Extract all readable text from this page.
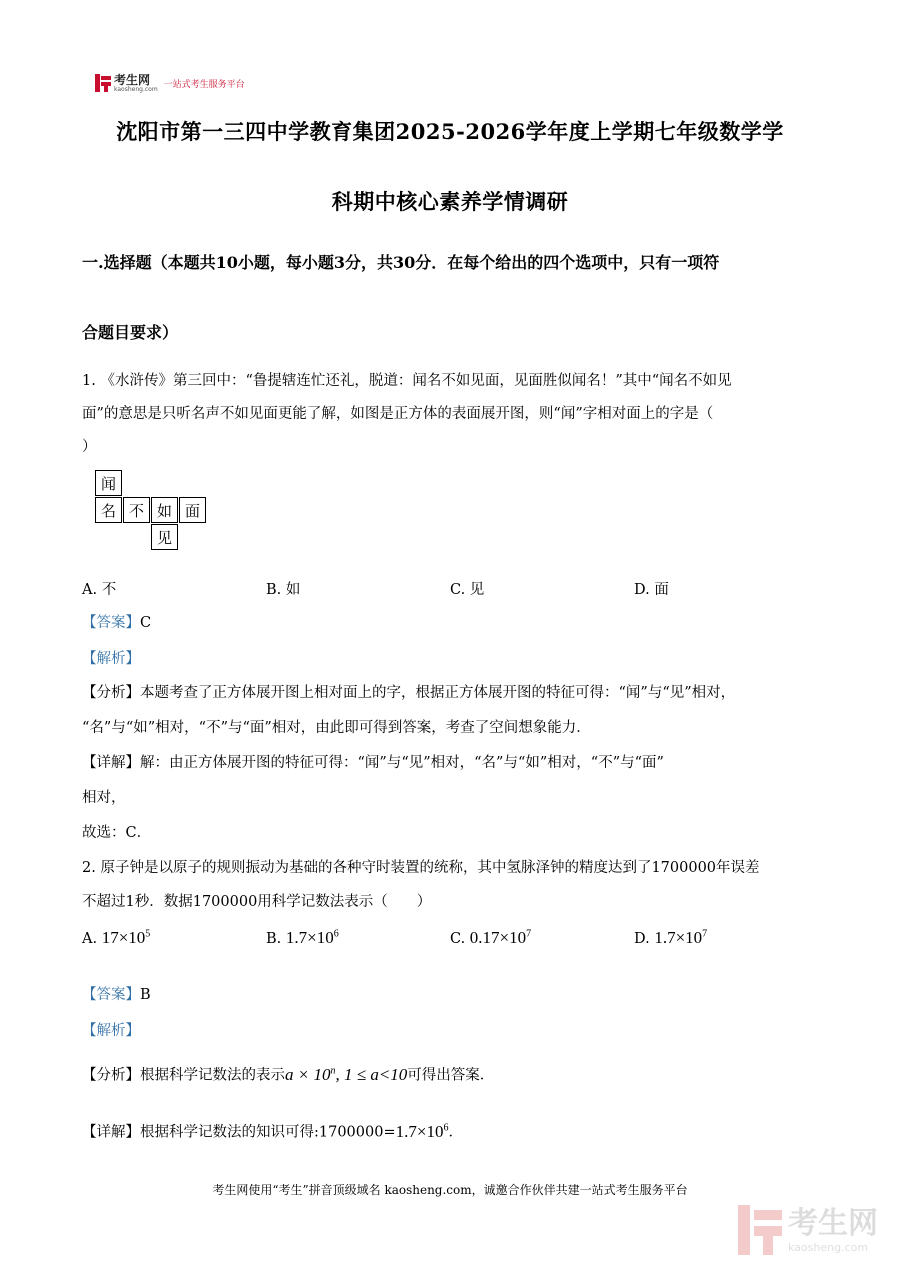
考生网
kaosheng.com 一站式考生服务平台
沈阳市第一三四中学教育集团2025-2026学年度上学期七年级数学学
科期中核心素养学情调研
一.选择题（本题共10小题，每小题3分，共30分．在每个给出的四个选项中，只有一项符
合题目要求）
1. 《水浒传》第三回中：“鲁提辖连忙还礼，脱道：闻名不如见面，见面胜似闻名！”其中“闻名不如见
面”的意思是只听名声不如见面更能了解，如图是正方体的表面展开图，则“闻”字相对面上的字是（
）
闻
名 不 如 面
见
A. 不	B. 如	C. 见	D. 面
【答案】C
【解析】
【分析】本题考查了正方体展开图上相对面上的字，根据正方体展开图的特征可得：“闻”与“见”相对，
“名”与“如”相对，“不”与“面”相对，由此即可得到答案，考查了空间想象能力．
【详解】解：由正方体展开图的特征可得：“闻”与“见”相对，“名”与“如”相对，“不”与“面”
相对，
故选：C．
2. 原子钟是以原子的规则振动为基础的各种守时装置的统称，其中氢脉泽钟的精度达到了1700000年误差
不超过1秒．数据1700000用科学记数法表示（　　）
A. $17\times 10^5$	B. $1.7\times 10^6$	C. $0.17\times 10^7$	D. $1.7\times 10^7$
【答案】B
【解析】
【分析】根据科学记数法的表示$a \times 10^n$, 1 ≤ a<10可得出答案．
【详解】根据科学记数法的知识可得$:1700000=1.7\times 10^6$．
考生网使用“考生”拼音顶级域名 kaosheng.com，诚邀合作伙伴共建一站式考生服务平台
考生网
kaosheng.com
